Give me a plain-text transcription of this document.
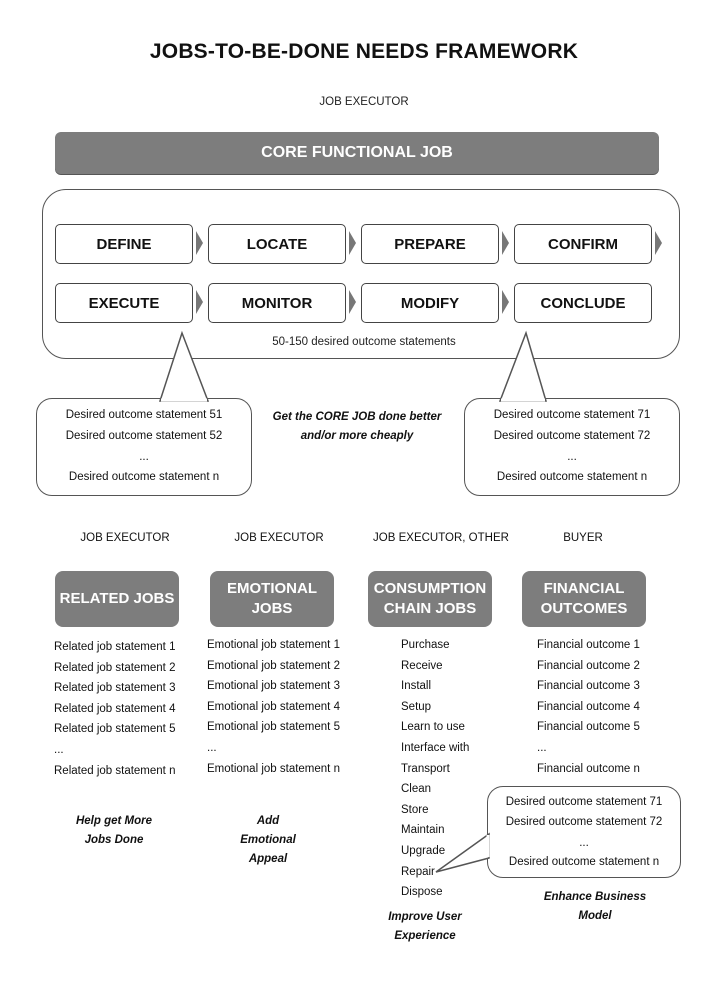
JOBS-TO-BE-DONE NEEDS FRAMEWORK
JOB EXECUTOR
CORE FUNCTIONAL JOB
DEFINE	LOCATE	PREPARE	CONFIRM
EXECUTE	MONITOR	MODIFY	CONCLUDE
50-150 desired outcome statements
Desired outcome statement 51
Desired outcome statement 52
...
Desired outcome statement n
Desired outcome statement 71
Desired outcome statement 72
...
Desired outcome statement n
Get the CORE JOB done better
and/or more cheaply
JOB EXECUTOR	JOB EXECUTOR	JOB EXECUTOR, OTHER	BUYER
RELATED JOBS
EMOTIONAL JOBS
CONSUMPTION CHAIN JOBS
FINANCIAL OUTCOMES
Related job statement 1
Related job statement 2
Related job statement 3
Related job statement 4
Related job statement 5
...
Related job statement n
Emotional job statement 1
Emotional job statement 2
Emotional job statement 3
Emotional job statement 4
Emotional job statement 5
...
Emotional job statement n
Purchase
Receive
Install
Setup
Learn to use
Interface with
Transport
Clean
Store
Maintain
Upgrade
Repair
Dispose
Financial outcome 1
Financial outcome 2
Financial outcome 3
Financial outcome 4
Financial outcome 5
...
Financial outcome n
Desired outcome statement 71
Desired outcome statement 72
...
Desired outcome statement n
Help get More
Jobs Done
Add
Emotional
Appeal
Improve User
Experience
Enhance Business
Model
